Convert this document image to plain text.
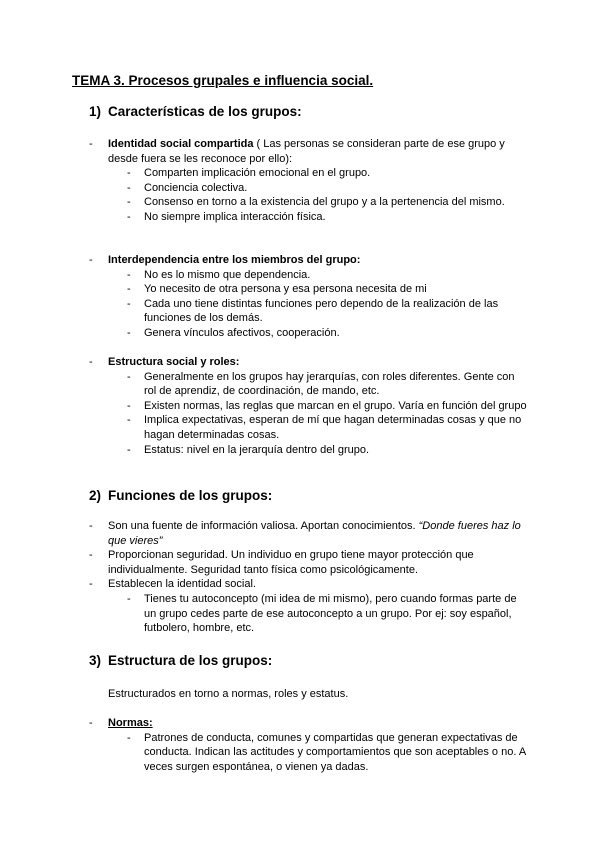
TEMA 3. Procesos grupales e influencia social.
1) Características de los grupos:
- Identidad social compartida ( Las personas se consideran parte de ese grupo y desde fuera se les reconoce por ello):
- Comparten implicación emocional en el grupo.
- Conciencia colectiva.
- Consenso en torno a la existencia del grupo y a la pertenencia del mismo.
- No siempre implica interacción física.
- Interdependencia entre los miembros del grupo:
- No es lo mismo que dependencia.
- Yo necesito de otra persona y esa persona necesita de mi
- Cada uno tiene distintas funciones pero dependo de la realización de las funciones de los demás.
- Genera vínculos afectivos, cooperación.
- Estructura social y roles:
- Generalmente en los grupos hay jerarquías, con roles diferentes. Gente con rol de aprendiz, de coordinación, de mando, etc.
- Existen normas, las reglas que marcan en el grupo. Varía en función del grupo
- Implica expectativas, esperan de mí que hagan determinadas cosas y que no hagan determinadas cosas.
- Estatus: nivel en la jerarquía dentro del grupo.
2) Funciones de los grupos:
- Son una fuente de información valiosa. Aportan conocimientos. “Donde fueres haz lo que vieres”
- Proporcionan seguridad. Un individuo en grupo tiene mayor protección que individualmente. Seguridad tanto física como psicológicamente.
- Establecen la identidad social.
- Tienes tu autoconcepto (mi idea de mi mismo), pero cuando formas parte de un grupo cedes parte de ese autoconcepto a un grupo. Por ej: soy español, futbolero, hombre, etc.
3) Estructura de los grupos:
Estructurados en torno a normas, roles y estatus.
- Normas:
- Patrones de conducta, comunes y compartidas que generan expectativas de conducta. Indican las actitudes y comportamientos que son aceptables o no. A veces surgen espontánea, o vienen ya dadas.
